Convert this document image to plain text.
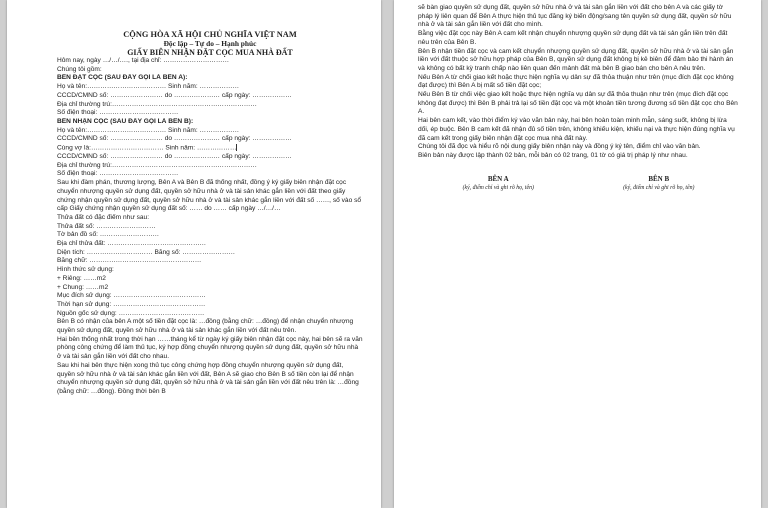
CỘNG HÒA XÃ HỘI CHỦ NGHĨA VIỆT NAM
Độc lập – Tự do – Hạnh phúc
GIẤY BIÊN NHẬN ĐẶT CỌC MUA NHÀ ĐẤT
Hôm nay, ngày …/…/…., tại địa chỉ: …………………………
Chúng tôi gồm:
BÊN ĐẶT CỌC (SAU ĐÂY GỌI LÀ BÊN A):
Họ và tên:……………………………… Sinh năm: ………………
CCCD/CMND số: …………………… do ………………… cấp ngày: ………………
Địa chỉ thường trú:…………………………………………………………
Số điện thoại: ………………………………
BÊN NHẬN CỌC (SAU ĐÂY GỌI LÀ BÊN B):
Họ và tên:……………………………… Sinh năm: ………………
CCCD/CMND số: …………………… do ………………… cấp ngày: ………………
Cùng vợ là:…………………………… Sinh năm: ………………
CCCD/CMND số: …………………… do ………………… cấp ngày: ………………
Địa chỉ thường trú:…………………………………………………………
Số điện thoại: ………………………………
Sau khi đàm phán, thương lượng, Bên A và Bên B đã thống nhất, đồng ý ký giấy biên nhận đặt cọc chuyển nhượng quyền sử dụng đất, quyền sở hữu nhà ở và tài sản khác gắn liền với đất theo giấy chứng nhận quyền sử dụng đất, quyền sở hữu nhà ở và tài sản khác gắn liền với đất số ……, số vào sổ cấp Giấy chứng nhận quyền sử dụng đất số: …… do …… cấp ngày …/…/…
Thửa đất có đặc điểm như sau:
Thửa đất số: ………………………
Tờ bản đồ số: ………………………
Địa chỉ thửa đất: ………………………………………
Diện tích: ………………………… Bằng số: ……………………
Bằng chữ: ……………………………………………
Hình thức sử dụng:
+ Riêng: ……m2
+ Chung: ……m2
Mục đích sử dụng: ……………………………………
Thời hạn sử dụng: ……………………………………
Nguồn gốc sử dụng: …………………………………
Bên B có nhận của bên A một số tiền đặt cọc là: …đồng (bằng chữ: …đồng) để nhận chuyển nhượng quyền sử dụng đất, quyền sở hữu nhà ở và tài sản khác gắn liền với đất nêu trên.
Hai bên thống nhất trong thời hạn ……tháng kể từ ngày ký giấy biên nhận đặt cọc này, hai bên sẽ ra văn phòng công chứng để làm thủ tục, ký hợp đồng chuyển nhượng quyền sử dụng đất, quyền sở hữu nhà ở và tài sản gắn liền với đất cho nhau.
Sau khi hai bên thực hiện xong thủ tục công chứng hợp đồng chuyển nhượng quyền sử dụng đất, quyền sở hữu nhà ở và tài sản khác gắn liền với đất, Bên A sẽ giao cho Bên B số tiền còn lại để nhận chuyển nhượng quyền sử dụng đất, quyền sở hữu nhà ở và tài sản gắn liền với đất nêu trên là: …đồng (bằng chữ: …đồng). Đồng thời bên B
sẽ bàn giao quyền sử dụng đất, quyền sở hữu nhà ở và tài sản gắn liền với đất cho bên A và các giấy tờ pháp lý liên quan để Bên A thực hiện thủ tục đăng ký biến động/sang tên quyền sử dụng đất, quyền sở hữu nhà ở và tài sản gắn liền với đất cho mình.
Bằng việc đặt cọc này Bên A cam kết nhận chuyển nhượng quyền sử dụng đất và tài sản gắn liền trên đất nêu trên của Bên B.
Bên B nhận tiền đặt cọc và cam kết chuyển nhượng quyền sử dụng đất, quyền sở hữu nhà ở và tài sản gắn liền với đất thuộc sở hữu hợp pháp của Bên B, quyền sử dụng đất không bị kê biên để đảm bảo thi hành án và không có bất kỳ tranh chấp nào liên quan đến mảnh đất mà bên B giao bán cho bên A nêu trên.
Nếu Bên A từ chối giao kết hoặc thực hiện nghĩa vụ dân sự đã thỏa thuận như trên (mục đích đặt cọc không đạt được) thì Bên A bị mất số tiền đặt cọc;
Nếu Bên B từ chối việc giao kết hoặc thực hiện nghĩa vụ dân sự đã thỏa thuận như trên (mục đích đặt cọc không đạt được) thì Bên B phải trả lại số tiền đặt cọc và một khoản tiền tương đương số tiền đặt cọc cho Bên A.
Hai bên cam kết, vào thời điểm ký vào văn bản này, hai bên hoàn toàn minh mẫn, sáng suốt, không bị lừa dối, ép buộc. Bên B cam kết đã nhận đủ số tiền trên, không khiếu kiện, khiếu nại và thực hiện đúng nghĩa vụ đã cam kết trong giấy biên nhận đặt cọc mua nhà đất này.
Chúng tôi đã đọc và hiểu rõ nội dung giấy biên nhận này và đồng ý ký tên, điểm chỉ vào văn bản.
Biên bản này được lập thành 02 bản, mỗi bản có 02 trang, 01 tờ có giá trị pháp lý như nhau.
BÊN A
(ký, điểm chỉ và ghi rõ họ, tên)
BÊN B
(ký, điểm chỉ và ghi rõ họ, tên)
